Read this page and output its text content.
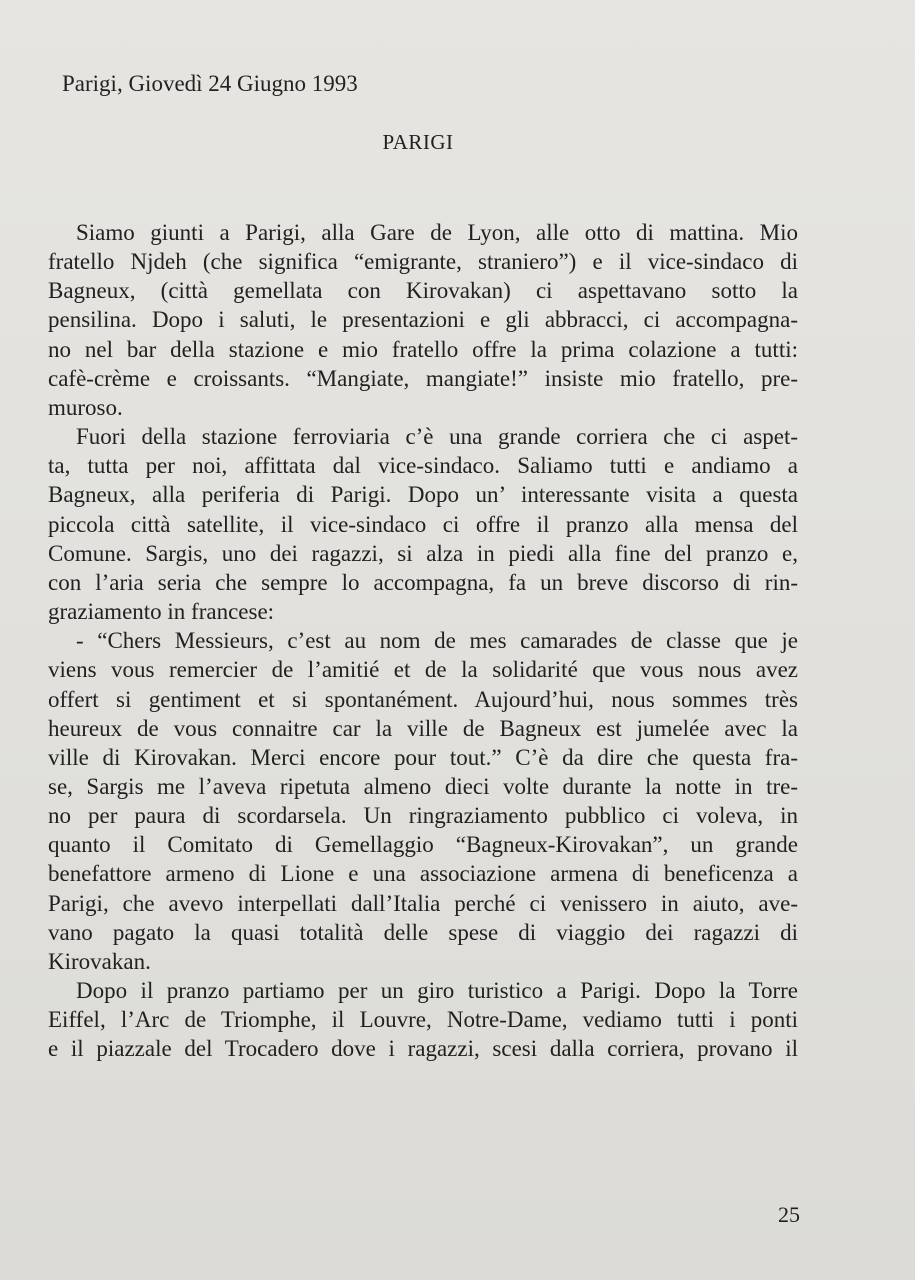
Parigi, Giovedì 24 Giugno 1993
PARIGI
Siamo giunti a Parigi, alla Gare de Lyon, alle otto di mattina. Mio
fratello Njdeh (che significa “emigrante, straniero”) e il vice-sindaco di
Bagneux, (città gemellata con Kirovakan) ci aspettavano sotto la
pensilina. Dopo i saluti, le presentazioni e gli abbracci, ci accompagna-
no nel bar della stazione e mio fratello offre la prima colazione a tutti:
cafè-crème e croissants. “Mangiate, mangiate!” insiste mio fratello, pre-
muroso.
Fuori della stazione ferroviaria c’è una grande corriera che ci aspet-
ta, tutta per noi, affittata dal vice-sindaco. Saliamo tutti e andiamo a
Bagneux, alla periferia di Parigi. Dopo un’ interessante visita a questa
piccola città satellite, il vice-sindaco ci offre il pranzo alla mensa del
Comune. Sargis, uno dei ragazzi, si alza in piedi alla fine del pranzo e,
con l’aria seria che sempre lo accompagna, fa un breve discorso di rin-
graziamento in francese:
- “Chers Messieurs, c’est au nom de mes camarades de classe que je
viens vous remercier de l’amitié et de la solidarité que vous nous avez
offert si gentiment et si spontanément. Aujourd’hui, nous sommes très
heureux de vous connaitre car la ville de Bagneux est jumelée avec la
ville di Kirovakan. Merci encore pour tout.” C’è da dire che questa fra-
se, Sargis me l’aveva ripetuta almeno dieci volte durante la notte in tre-
no per paura di scordarsela. Un ringraziamento pubblico ci voleva, in
quanto il Comitato di Gemellaggio “Bagneux-Kirovakan”, un grande
benefattore armeno di Lione e una associazione armena di beneficenza a
Parigi, che avevo interpellati dall’Italia perché ci venissero in aiuto, ave-
vano pagato la quasi totalità delle spese di viaggio dei ragazzi di
Kirovakan.
Dopo il pranzo partiamo per un giro turistico a Parigi. Dopo la Torre
Eiffel, l’Arc de Triomphe, il Louvre, Notre-Dame, vediamo tutti i ponti
e il piazzale del Trocadero dove i ragazzi, scesi dalla corriera, provano il
25
